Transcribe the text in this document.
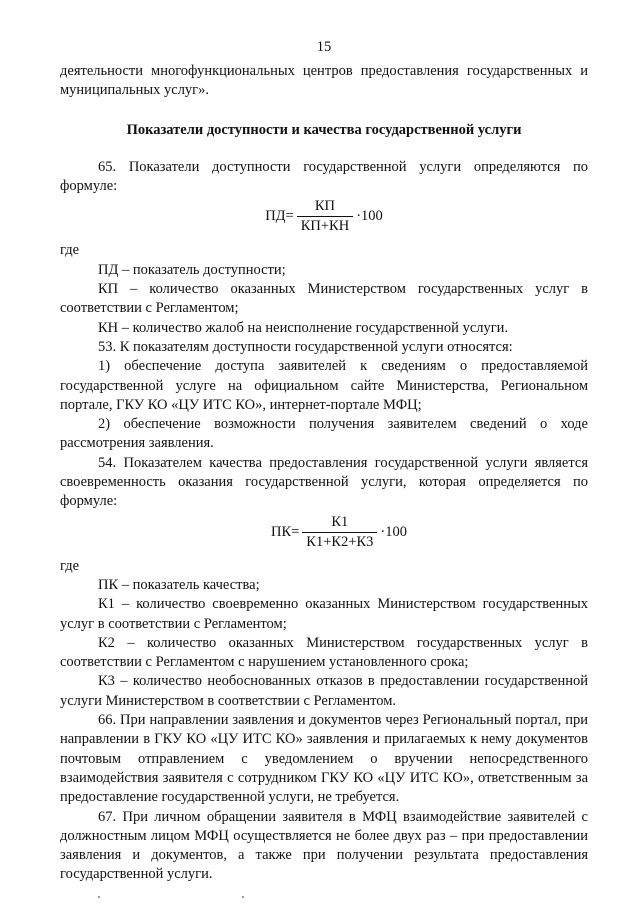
15

деятельности многофункциональных центров предоставления государственных и муниципальных услуг».

Показатели доступности и качества государственной услуги

65. Показатели доступности государственной услуги определяются по формуле:

$ПД= \frac{КП}{КП+КН} \cdot 100$

где

ПД – показатель доступности;

КП – количество оказанных Министерством государственных услуг в соответствии с Регламентом;

КН – количество жалоб на неисполнение государственной услуги.

53. К показателям доступности государственной услуги относятся:

1) обеспечение доступа заявителей к сведениям о предоставляемой государственной услуге на официальном сайте Министерства, Региональном портале, ГКУ КО «ЦУ ИТС КО», интернет-портале МФЦ;

2) обеспечение возможности получения заявителем сведений о ходе рассмотрения заявления.

54. Показателем качества предоставления государственной услуги является своевременность оказания государственной услуги, которая определяется по формуле:

$ПК= \frac{К1}{К1+К2+К3} \cdot 100$

где

ПК – показатель качества;

К1 – количество своевременно оказанных Министерством государственных услуг в соответствии с Регламентом;

К2 – количество оказанных Министерством государственных услуг в соответствии с Регламентом с нарушением установленного срока;

К3 – количество необоснованных отказов в предоставлении государственной услуги Министерством в соответствии с Регламентом.

66. При направлении заявления и документов через Региональный портал, при направлении в ГКУ КО «ЦУ ИТС КО» заявления и прилагаемых к нему документов почтовым отправлением с уведомлением о вручении непосредственного взаимодействия заявителя с сотрудником ГКУ КО «ЦУ ИТС КО», ответственным за предоставление государственной услуги, не требуется.

67. При личном обращении заявителя в МФЦ взаимодействие заявителей с должностным лицом МФЦ осуществляется не более двух раз – при предоставлении заявления и документов, а также при получении результата предоставления государственной услуги.
